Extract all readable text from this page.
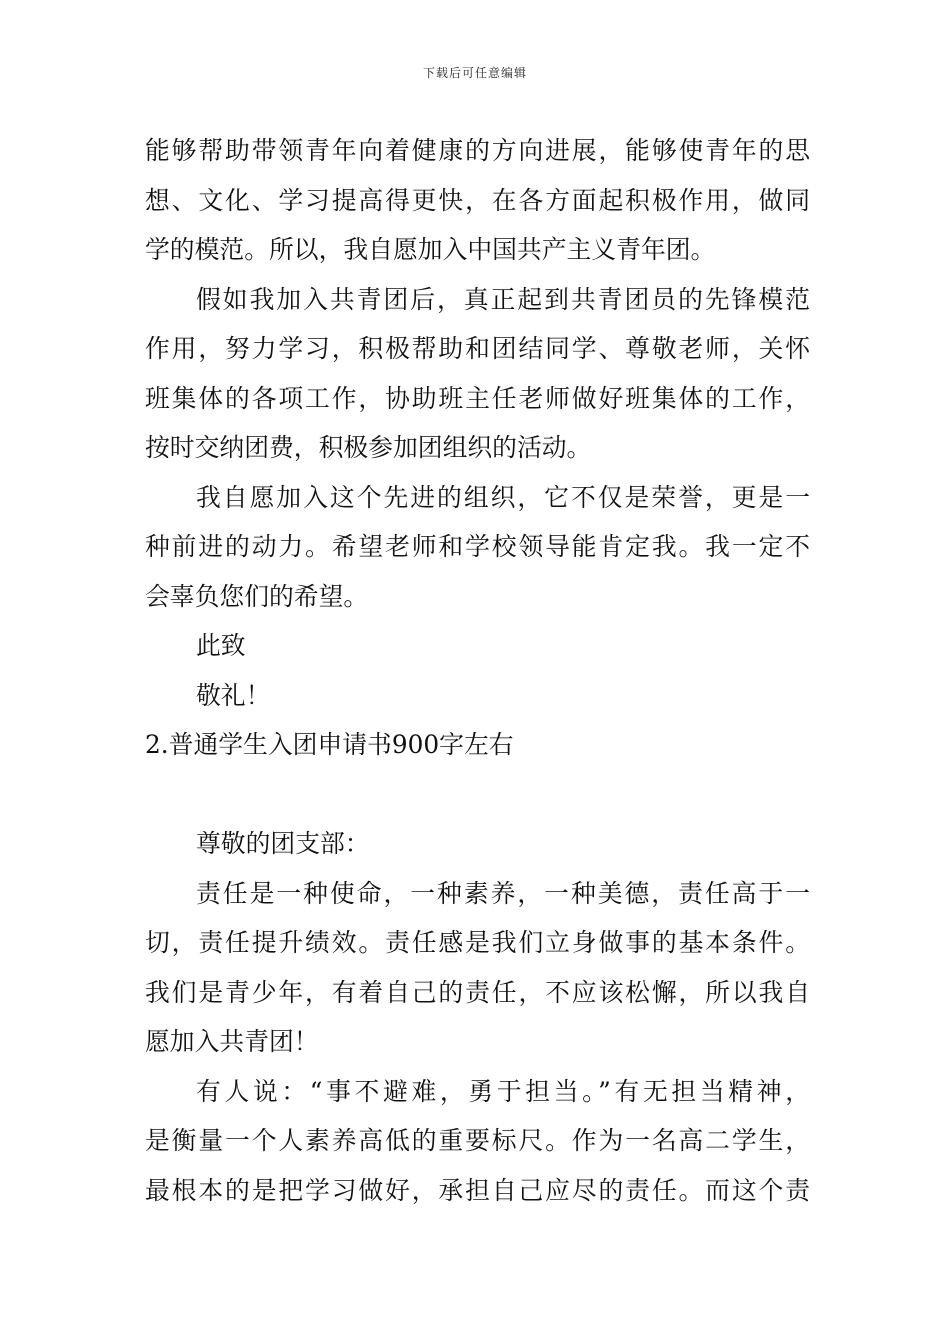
下载后可任意编辑
能够帮助带领青年向着健康的方向进展，能够使青年的思
想、文化、学习提高得更快，在各方面起积极作用，做同
学的模范。所以，我自愿加入中国共产主义青年团。
假如我加入共青团后，真正起到共青团员的先锋模范
作用，努力学习，积极帮助和团结同学、尊敬老师，关怀
班集体的各项工作，协助班主任老师做好班集体的工作，
按时交纳团费，积极参加团组织的活动。
我自愿加入这个先进的组织，它不仅是荣誉，更是一
种前进的动力。希望老师和学校领导能肯定我。我一定不
会辜负您们的希望。
此致
敬礼！
2.普通学生入团申请书900字左右
尊敬的团支部：
责任是一种使命，一种素养，一种美德，责任高于一
切，责任提升绩效。责任感是我们立身做事的基本条件。
我们是青少年，有着自己的责任，不应该松懈，所以我自
愿加入共青团！
有人说：“事不避难，勇于担当。”有无担当精神，
是衡量一个人素养高低的重要标尺。作为一名高二学生，
最根本的是把学习做好，承担自己应尽的责任。而这个责
